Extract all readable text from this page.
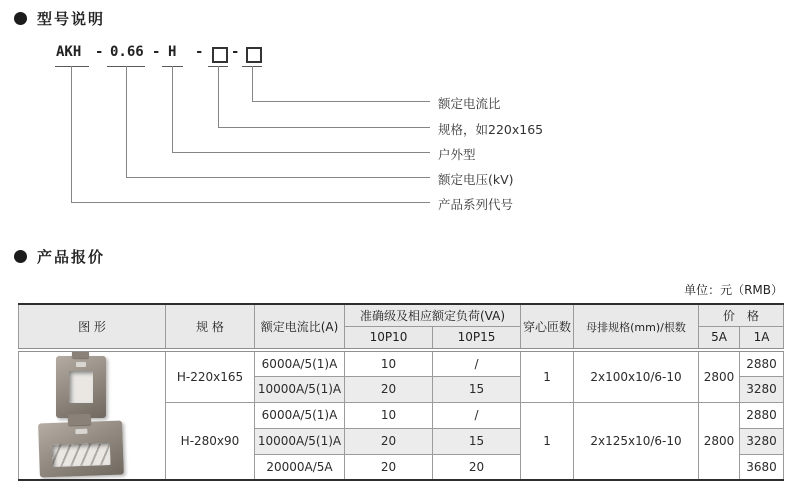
型号说明
AKH - 0.66 - H - -
额定电流比
规格，如220x165
户外型
额定电压(kV)
产品系列代号
产品报价
单位：元（RMB）
图 形	规 格	额定电流比(A)	准确级及相应额定负荷(VA)		穿心匝数	母排规格(mm)/根数	价　格	
			10P10	10P15			5A	1A

	H-220x165	6000A/5(1)A	10	/	1	2x100x10/6-10	2800	2880
		10000A/5(1)A	20	15				3280
	H-280x90	6000A/5(1)A	10	/	1	2x125x10/6-10	2800	2880
		10000A/5(1)A	20	15				3280
		20000A/5A	20	20				3680
